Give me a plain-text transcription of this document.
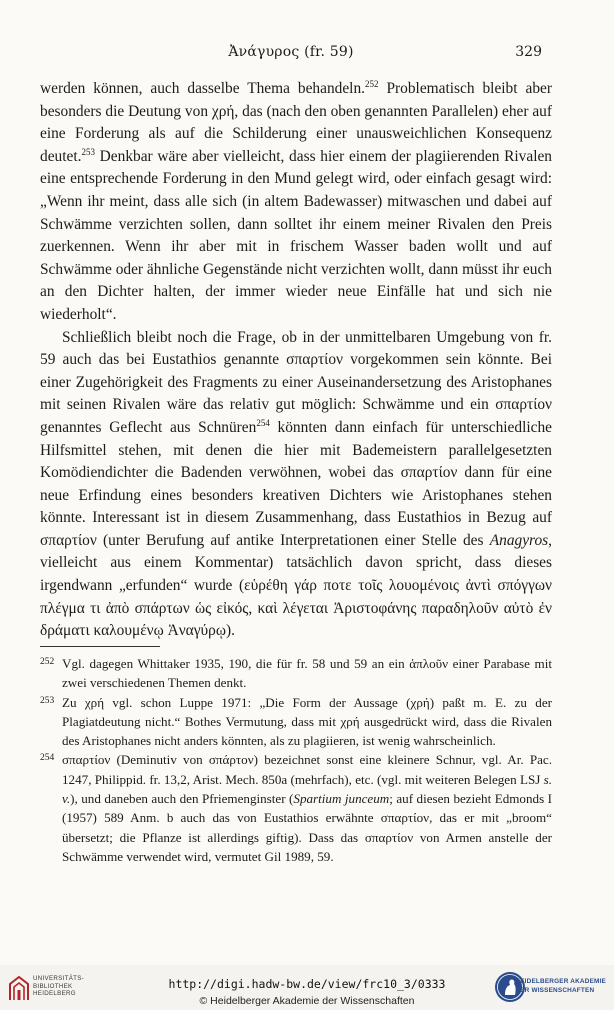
Ἀνάγυρος (fr. 59)	329

werden können, auch dasselbe Thema behandeln.$^{252}$ Problematisch bleibt aber besonders die Deutung von χρή, das (nach den oben genannten Parallelen) eher auf eine Forderung als auf die Schilderung einer unausweichlichen Konsequenz deutet.$^{253}$ Denkbar wäre aber vielleicht, dass hier einem der plagiierenden Rivalen eine entsprechende Forderung in den Mund gelegt wird, oder einfach gesagt wird: „Wenn ihr meint, dass alle sich (in altem Badewasser) mitwaschen und dabei auf Schwämme verzichten sollen, dann solltet ihr einem meiner Rivalen den Preis zuerkennen. Wenn ihr aber mit in frischem Wasser baden wollt und auf Schwämme oder ähnliche Gegenstände nicht verzichten wollt, dann müsst ihr euch an den Dichter halten, der immer wieder neue Einfälle hat und sich nie wiederholt“.

Schließlich bleibt noch die Frage, ob in der unmittelbaren Umgebung von fr. 59 auch das bei Eustathios genannte σπαρτίον vorgekommen sein könnte. Bei einer Zugehörigkeit des Fragments zu einer Auseinandersetzung des Aristophanes mit seinen Rivalen wäre das relativ gut möglich: Schwämme und ein σπαρτίον genanntes Geflecht aus Schnüren$^{254}$ könnten dann einfach für unterschiedliche Hilfsmittel stehen, mit denen die hier mit Bademeistern parallelgesetzten Komödiendichter die Badenden verwöhnen, wobei das σπαρτίον dann für eine neue Erfindung eines besonders kreativen Dichters wie Aristophanes stehen könnte. Interessant ist in diesem Zusammenhang, dass Eustathios in Bezug auf σπαρτίον (unter Berufung auf antike Interpretationen einer Stelle des Anagyros, vielleicht aus einem Kommentar) tatsächlich davon spricht, dass dieses irgendwann „erfunden“ wurde (εὑρέθη γάρ ποτε τοῖς λουομένοις ἀντὶ σπόγγων πλέγμα τι ἀπὸ σπάρτων ὡς εἰκός, καὶ λέγεται Ἀριστοφάνης παραδηλοῦν αὐτὸ ἐν δράματι καλουμένῳ Ἀναγύρῳ).

252 Vgl. dagegen Whittaker 1935, 190, die für fr. 58 und 59 an ein ἁπλοῦν einer Parabase mit zwei verschiedenen Themen denkt.

253 Zu χρή vgl. schon Luppe 1971: „Die Form der Aussage (χρή) paßt m. E. zu der Plagiatdeutung nicht.“ Bothes Vermutung, dass mit χρή ausgedrückt wird, dass die Rivalen des Aristophanes nicht anders könnten, als zu plagiieren, ist wenig wahrscheinlich.

254 σπαρτίον (Deminutiv von σπάρτον) bezeichnet sonst eine kleinere Schnur, vgl. Ar. Pac. 1247, Philippid. fr. 13,2, Arist. Mech. 850a (mehrfach), etc. (vgl. mit weiteren Belegen LSJ s. v.), und daneben auch den Pfriemenginster (Spartium junceum; auf diesen bezieht Edmonds I (1957) 589 Anm. b auch das von Eustathios erwähnte σπαρτίον, das er mit „broom“ übersetzt; die Pflanze ist allerdings giftig). Dass das σπαρτίον von Armen anstelle der Schwämme verwendet wird, vermutet Gil 1989, 59.

UNIVERSITÄTS-
BIBLIOTHEK
HEIDELBERG
http://digi.hadw-bw.de/view/frc10_3/0333
© Heidelberger Akademie der Wissenschaften
HEIDELBERGER AKADEMIE
DER WISSENSCHAFTEN
